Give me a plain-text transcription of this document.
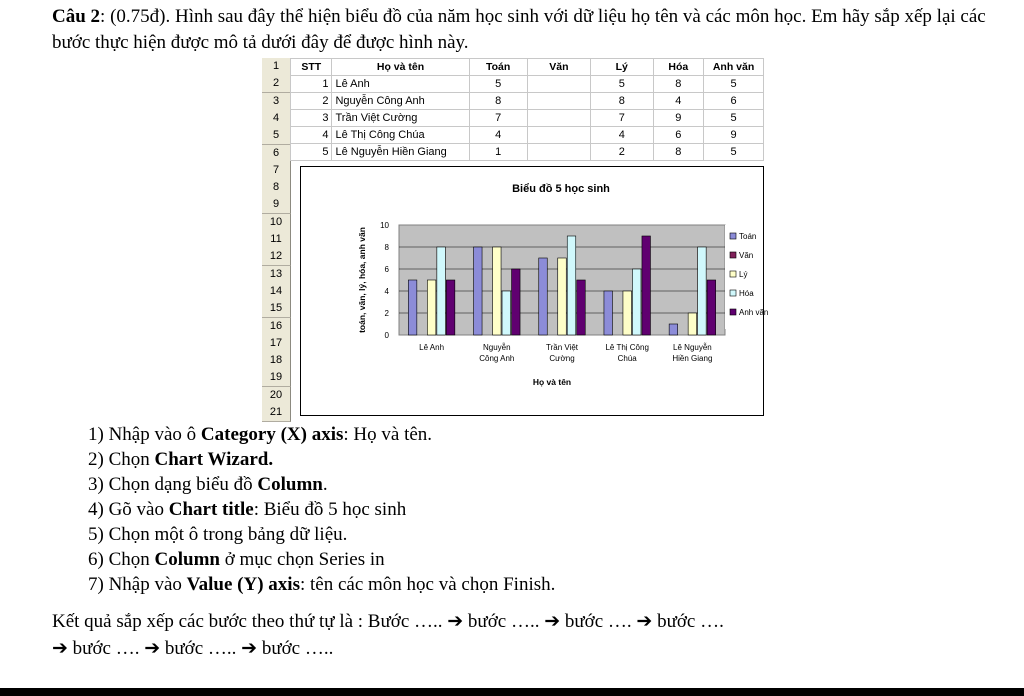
Câu 2: (0.75đ). Hình sau đây thể hiện biểu đồ của năm học sinh với dữ liệu họ tên và các môn học. Em hãy sắp xếp lại các bước thực hiện được mô tả dưới đây để được hình này.
1
2
3
4
5
6
7
8
9
10
11
12
13
14
15
16
17
18
19
20
21
STT	Họ và tên	Toán	Văn	Lý	Hóa	Anh văn
1	Lê Anh	5		5	8	5
2	Nguyễn Công Anh	8		8	4	6
3	Trần Việt Cường	7		7	9	5
4	Lê Thị Công Chúa	4		4	6	9
5	Lê Nguyễn Hiền Giang	1		2	8	5
Biểu đồ 5 học sinh
0
2
4
6
8
10
toán, văn, lý, hóa, anh văn
Lê Anh	Nguyễn
Công Anh
Trần Việt
Cường
Lê Thị Công
Chúa
Lê Nguyễn
Hiền Giang
Họ và tên
Toán
Văn
Lý
Hóa
Anh văn
1) Nhập vào ô Category (X) axis: Họ và tên.
2) Chọn Chart Wizard.
3) Chọn dạng biểu đồ Column.
4) Gõ vào Chart title: Biểu đồ 5 học sinh
5) Chọn một ô trong bảng dữ liệu.
6) Chọn Column ở mục chọn Series in
7) Nhập vào Value (Y) axis: tên các môn học và chọn Finish.
Kết quả sắp xếp các bước theo thứ tự là : Bước ….. ➔ bước ….. ➔ bước …. ➔ bước ….
➔ bước …. ➔ bước ….. ➔ bước …..
